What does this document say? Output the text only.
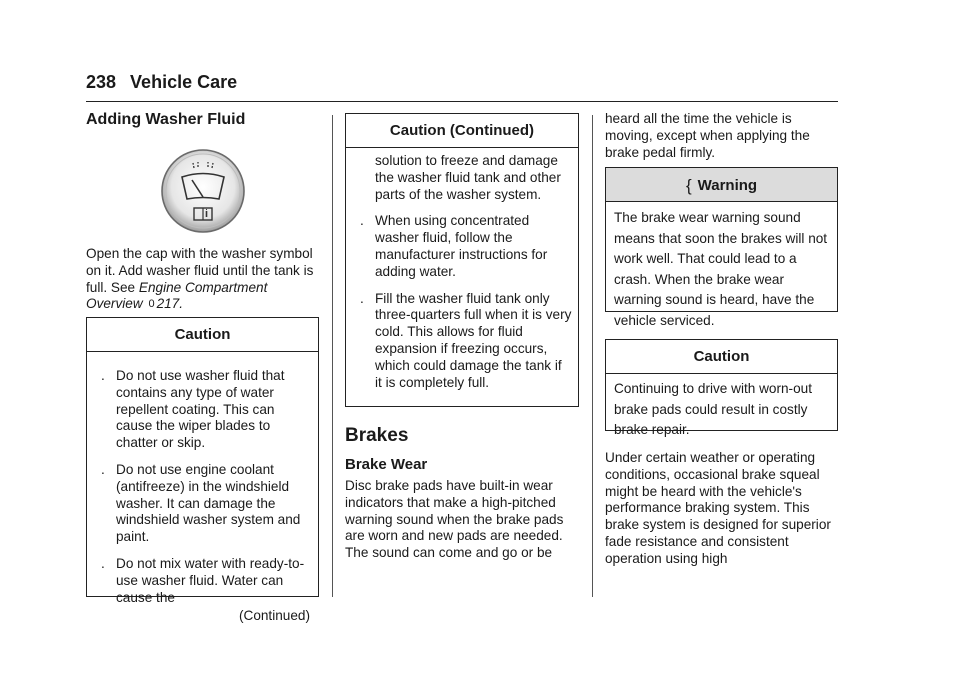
238 Vehicle Care
Adding Washer Fluid

Open the cap with the washer symbol on it. Add washer fluid until the tank is full. See Engine Compartment Overview 0 217.

Caution
. Do not use washer fluid that contains any type of water repellent coating. This can cause the wiper blades to chatter or skip.
. Do not use engine coolant (antifreeze) in the windshield washer. It can damage the windshield washer system and paint.
. Do not mix water with ready-to-use washer fluid. Water can cause the
(Continued)
Caution (Continued)
solution to freeze and damage the washer fluid tank and other parts of the washer system.
. When using concentrated washer fluid, follow the manufacturer instructions for adding water.
. Fill the washer fluid tank only three-quarters full when it is very cold. This allows for fluid expansion if freezing occurs, which could damage the tank if it is completely full.
Brakes
Brake Wear

Disc brake pads have built-in wear indicators that make a high-pitched warning sound when the brake pads are worn and new pads are needed. The sound can come and go or be

heard all the time the vehicle is moving, except when applying the brake pedal firmly.

{ Warning
The brake wear warning sound means that soon the brakes will not work well. That could lead to a crash. When the brake wear warning sound is heard, have the vehicle serviced.
Caution
Continuing to drive with worn-out brake pads could result in costly brake repair.

Under certain weather or operating conditions, occasional brake squeal might be heard with the vehicle's performance braking system. This brake system is designed for superior fade resistance and consistent operation using high
